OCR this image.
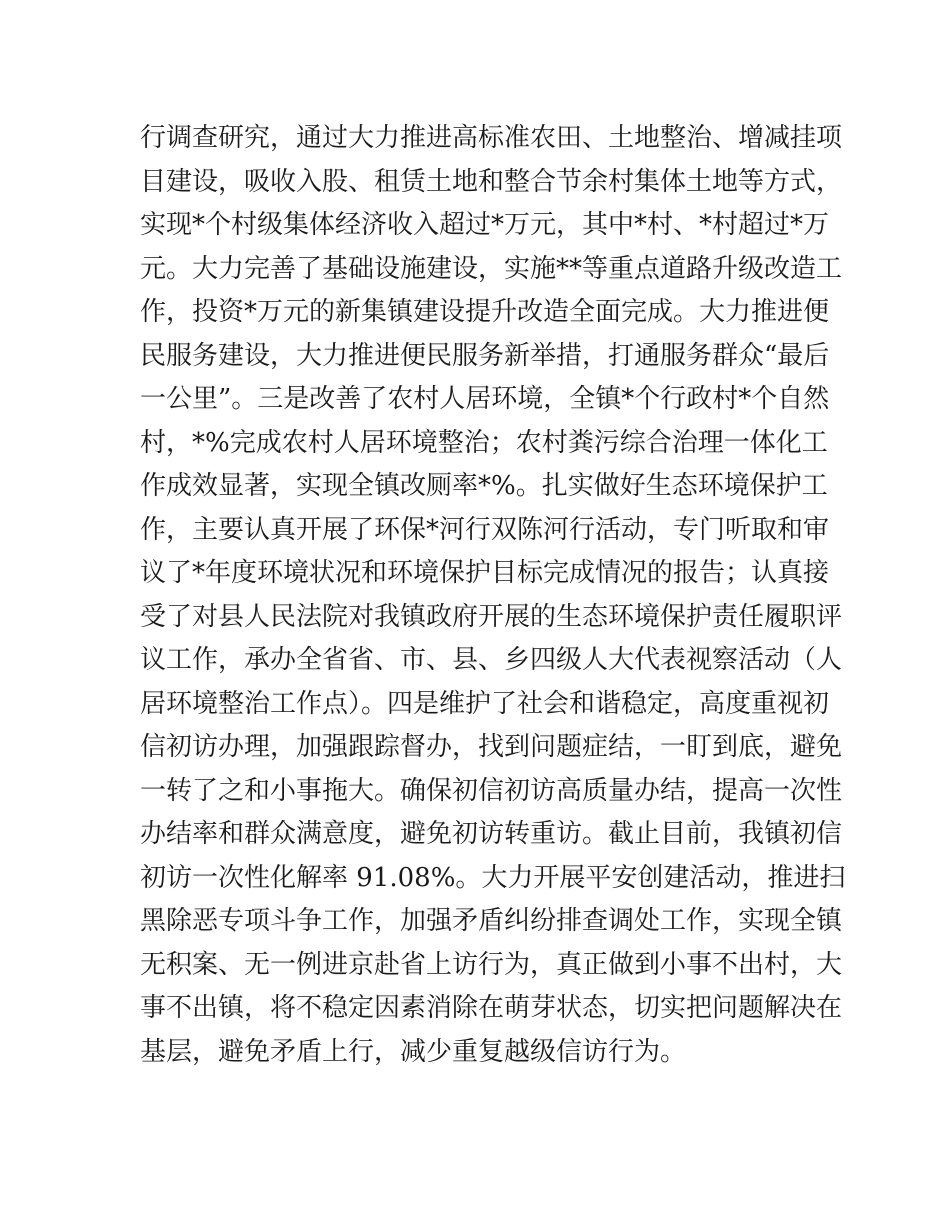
行调查研究，通过大力推进高标准农田、土地整治、增减挂项
目建设，吸收入股、租赁土地和整合节余村集体土地等方式，
实现*个村级集体经济收入超过*万元，其中*村、*村超过*万
元。大力完善了基础设施建设，实施**等重点道路升级改造工
作，投资*万元的新集镇建设提升改造全面完成。大力推进便
民服务建设，大力推进便民服务新举措，打通服务群众“最后
一公里”。三是改善了农村人居环境，全镇*个行政村*个自然
村，*%完成农村人居环境整治；农村粪污综合治理一体化工
作成效显著，实现全镇改厕率*%。扎实做好生态环境保护工
作，主要认真开展了环保*河行双陈河行活动，专门听取和审
议了*年度环境状况和环境保护目标完成情况的报告；认真接
受了对县人民法院对我镇政府开展的生态环境保护责任履职评
议工作，承办全省省、市、县、乡四级人大代表视察活动（人
居环境整治工作点）。四是维护了社会和谐稳定，高度重视初
信初访办理，加强跟踪督办，找到问题症结，一盯到底，避免
一转了之和小事拖大。确保初信初访高质量办结，提高一次性
办结率和群众满意度，避免初访转重访。截止目前，我镇初信
初访一次性化解率 91.08%。大力开展平安创建活动，推进扫
黑除恶专项斗争工作，加强矛盾纠纷排查调处工作，实现全镇
无积案、无一例进京赴省上访行为，真正做到小事不出村，大
事不出镇，将不稳定因素消除在萌芽状态，切实把问题解决在
基层，避免矛盾上行，减少重复越级信访行为。
